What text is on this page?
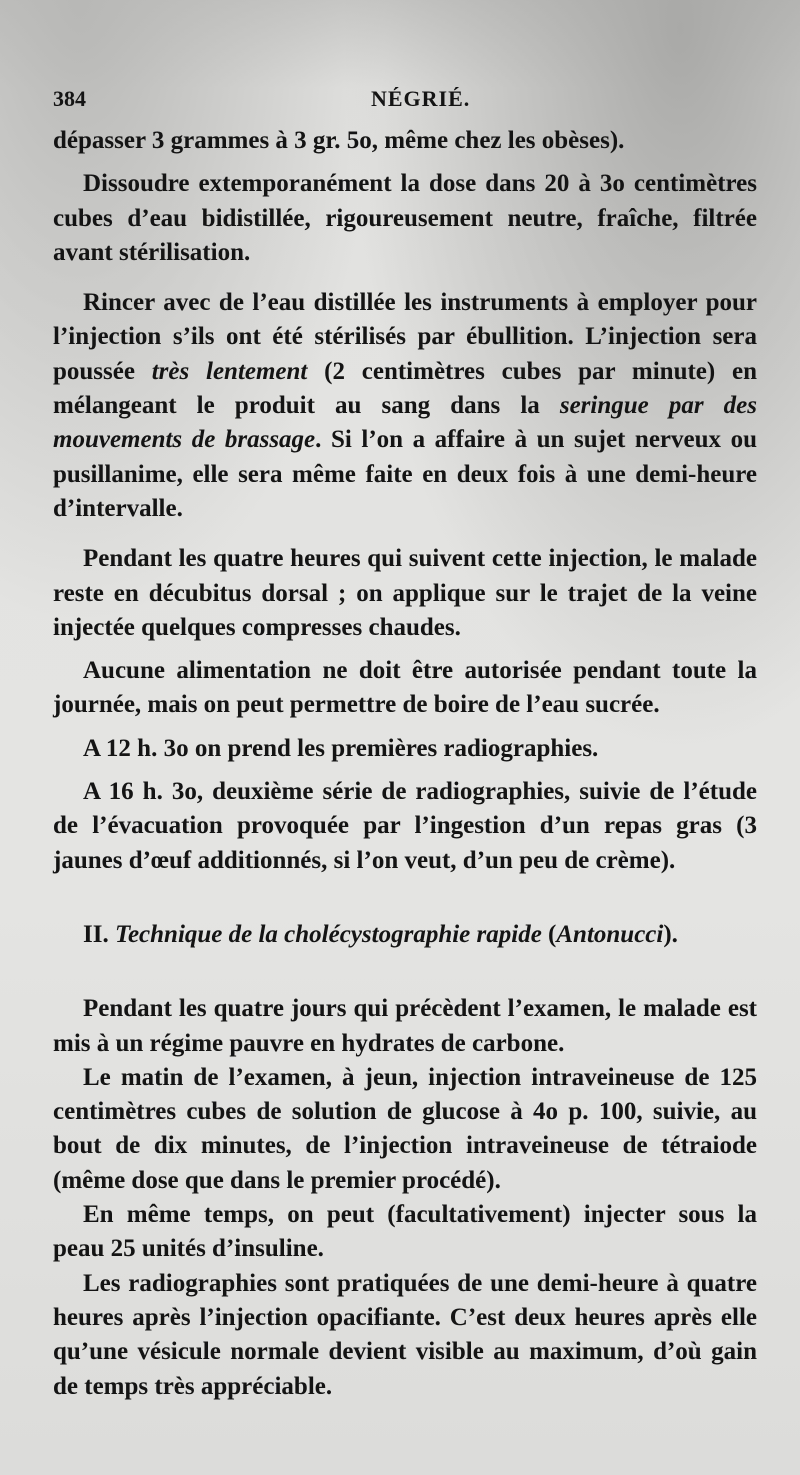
384	NÉGRIÉ.

dépasser 3 grammes à 3 gr. 5o, même chez les obèses).

Dissoudre extemporanément la dose dans 20 à 3o centimètres cubes d’eau bidistillée, rigoureusement neutre, fraîche, filtrée avant stérilisation.

Rincer avec de l’eau distillée les instruments à employer pour l’injection s’ils ont été stérilisés par ébullition. L’injection sera poussée très lentement (2 centimètres cubes par minute) en mélangeant le produit au sang dans la seringue par des mouvements de brassage. Si l’on a affaire à un sujet nerveux ou pusillanime, elle sera même faite en deux fois à une demi-heure d’intervalle.

Pendant les quatre heures qui suivent cette injection, le malade reste en décubitus dorsal ; on applique sur le trajet de la veine injectée quelques compresses chaudes.

Aucune alimentation ne doit être autorisée pendant toute la journée, mais on peut permettre de boire de l’eau sucrée.

A 12 h. 3o on prend les premières radiographies.

A 16 h. 3o, deuxième série de radiographies, suivie de l’étude de l’évacuation provoquée par l’ingestion d’un repas gras (3 jaunes d’œuf additionnés, si l’on veut, d’un peu de crème).

II. Technique de la cholécystographie rapide (Antonucci).

Pendant les quatre jours qui précèdent l’examen, le malade est mis à un régime pauvre en hydrates de carbone.

Le matin de l’examen, à jeun, injection intraveineuse de 125 centimètres cubes de solution de glucose à 4o p. 100, suivie, au bout de dix minutes, de l’injection intraveineuse de tétraiode (même dose que dans le premier procédé).

En même temps, on peut (facultativement) injecter sous la peau 25 unités d’insuline.

Les radiographies sont pratiquées de une demi-heure à quatre heures après l’injection opacifiante. C’est deux heures après elle qu’une vésicule normale devient visible au maximum, d’où gain de temps très appréciable.
